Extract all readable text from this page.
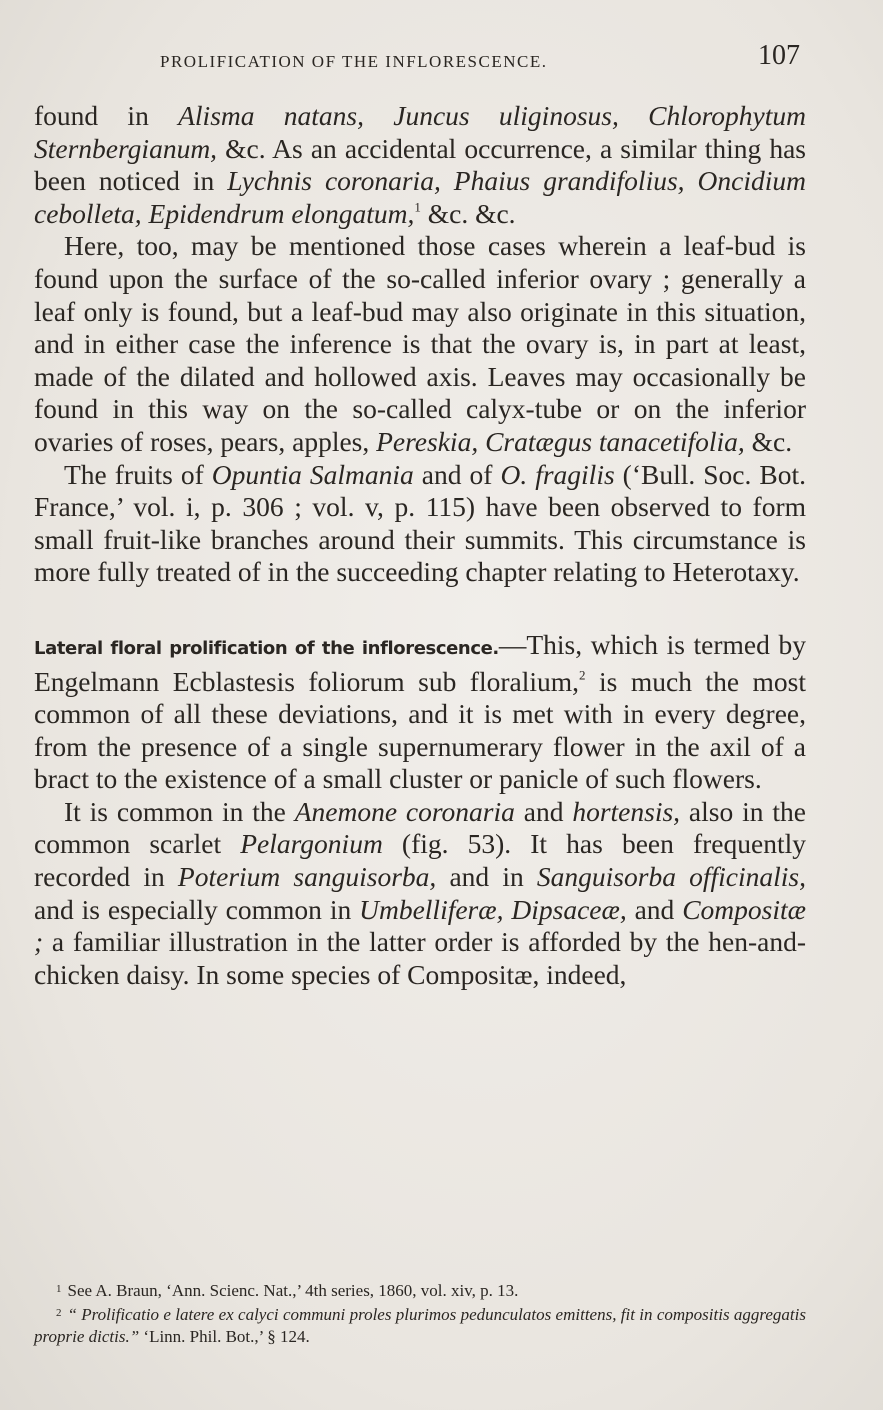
PROLIFICATION OF THE INFLORESCENCE.	107

found in Alisma natans, Juncus uliginosus, Chlorophytum Sternbergianum, &c. As an accidental occurrence, a similar thing has been noticed in Lychnis coronaria, Phaius grandifolius, Oncidium cebolleta, Epidendrum elongatum,$^1$ &c. &c.

Here, too, may be mentioned those cases wherein a leaf-bud is found upon the surface of the so-called inferior ovary ; generally a leaf only is found, but a leaf-bud may also originate in this situation, and in either case the inference is that the ovary is, in part at least, made of the dilated and hollowed axis. Leaves may occasionally be found in this way on the so-called calyx-tube or on the inferior ovaries of roses, pears, apples, Pereskia, Cratægus tanacetifolia, &c.

The fruits of Opuntia Salmania and of O. fragilis (‘Bull. Soc. Bot. France,’ vol. i, p. 306 ; vol. v, p. 115) have been observed to form small fruit-like branches around their summits. This circumstance is more fully treated of in the succeeding chapter relating to Heterotaxy.

Lateral floral prolification of the inflorescence.—This, which is termed by Engelmann Ecblastesis foliorum sub floralium,$^2$ is much the most common of all these deviations, and it is met with in every degree, from the presence of a single supernumerary flower in the axil of a bract to the existence of a small cluster or panicle of such flowers.

It is common in the Anemone coronaria and hortensis, also in the common scarlet Pelargonium (fig. 53). It has been frequently recorded in Poterium sanguisorba, and in Sanguisorba officinalis, and is especially common in Umbelliferæ, Dipsaceæ, and Compositæ ; a familiar illustration in the latter order is afforded by the hen-and-chicken daisy. In some species of Compositæ, indeed,

$^1$ See A. Braun, ‘Ann. Scienc. Nat.,’ 4th series, 1860, vol. xiv, p. 13.

$^2$ “ Prolificatio e latere ex calyci communi proles plurimos pedunculatos emittens, fit in compositis aggregatis proprie dictis.” ‘Linn. Phil. Bot.,’ § 124.
